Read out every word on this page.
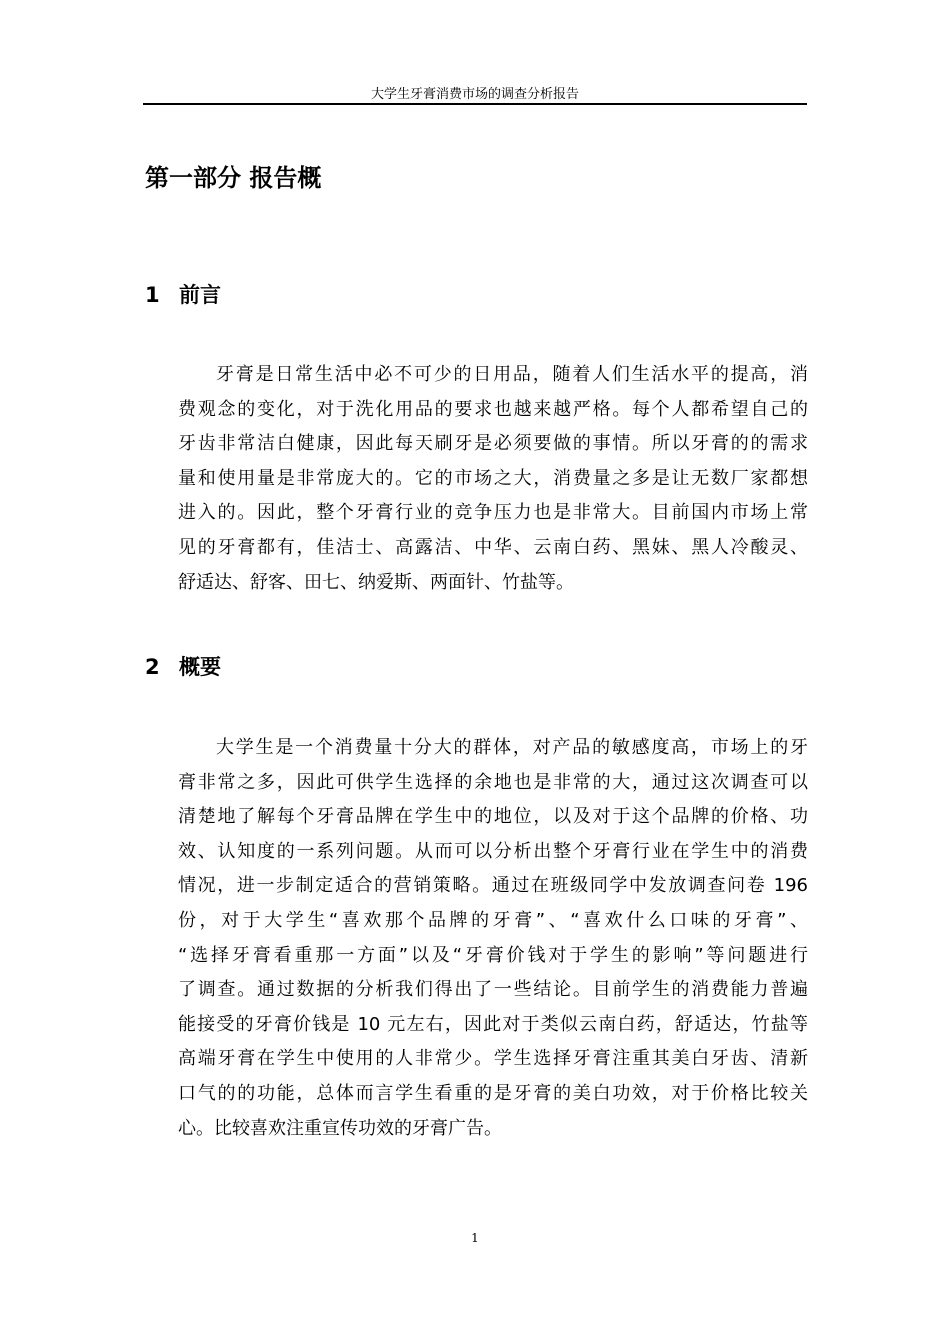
大学生牙膏消费市场的调查分析报告
第一部分 报告概
1 前言
牙膏是日常生活中必不可少的日用品，随着人们生活水平的提高，消
费观念的变化，对于洗化用品的要求也越来越严格。每个人都希望自己的
牙齿非常洁白健康，因此每天刷牙是必须要做的事情。所以牙膏的的需求
量和使用量是非常庞大的。它的市场之大，消费量之多是让无数厂家都想
进入的。因此，整个牙膏行业的竞争压力也是非常大。目前国内市场上常
见的牙膏都有，佳洁士、高露洁、中华、云南白药、黑妹、黑人冷酸灵、
舒适达、舒客、田七、纳爱斯、两面针、竹盐等。
2 概要
大学生是一个消费量十分大的群体，对产品的敏感度高，市场上的牙
膏非常之多，因此可供学生选择的余地也是非常的大，通过这次调查可以
清楚地了解每个牙膏品牌在学生中的地位，以及对于这个品牌的价格、功
效、认知度的一系列问题。从而可以分析出整个牙膏行业在学生中的消费
情况，进一步制定适合的营销策略。通过在班级同学中发放调查问卷 196
份，对于大学生“喜欢那个品牌的牙膏”、“喜欢什么口味的牙膏”、
“选择牙膏看重那一方面”以及“牙膏价钱对于学生的影响”等问题进行
了调查。通过数据的分析我们得出了一些结论。目前学生的消费能力普遍
能接受的牙膏价钱是 10 元左右，因此对于类似云南白药，舒适达，竹盐等
高端牙膏在学生中使用的人非常少。学生选择牙膏注重其美白牙齿、清新
口气的的功能，总体而言学生看重的是牙膏的美白功效，对于价格比较关
心。比较喜欢注重宣传功效的牙膏广告。
1
